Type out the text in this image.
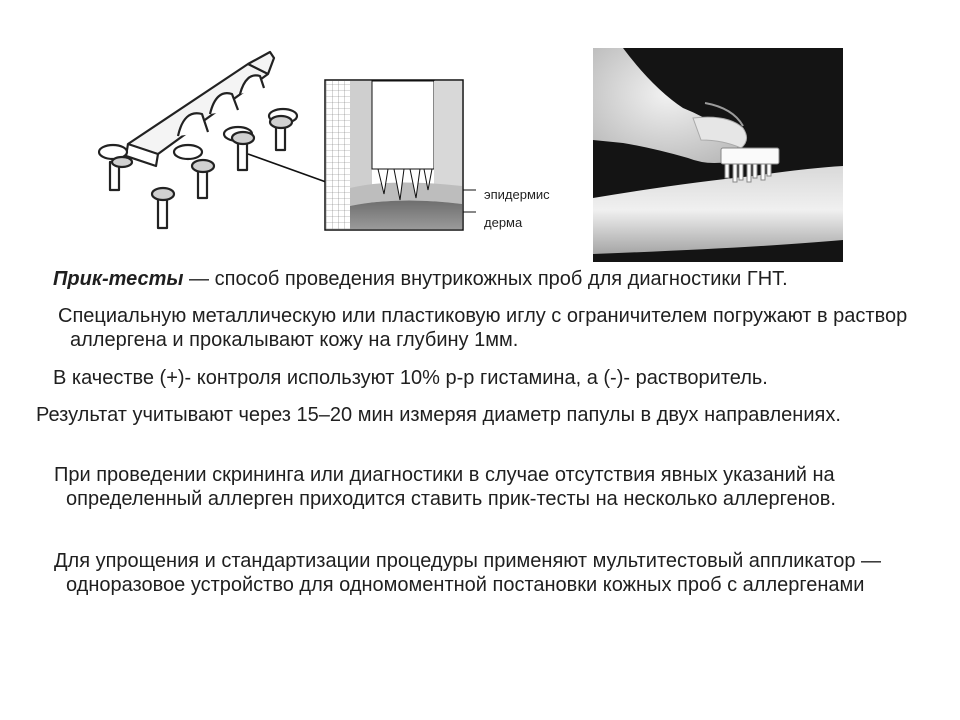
эпидермис
дерма

Прик-тесты — способ проведения внутрикожных проб для диагностики ГНТ.

Специальную металлическую или пластиковую иглу с ограничителем погружают в раствор аллергена и прокалывают кожу на глубину 1мм.

В качестве (+)- контроля используют 10% р-р гистамина, а (-)- растворитель.

Результат учитывают через 15–20 мин измеряя диаметр папулы в двух направлениях.

При проведении скрининга или диагностики в случае отсутствия явных указаний на определенный аллерген приходится ставить прик-тесты на несколько аллергенов.

Для упрощения и стандартизации процедуры применяют мультитестовый аппликатор — одноразовое устройство для одномоментной постановки кожных проб с аллергенами
